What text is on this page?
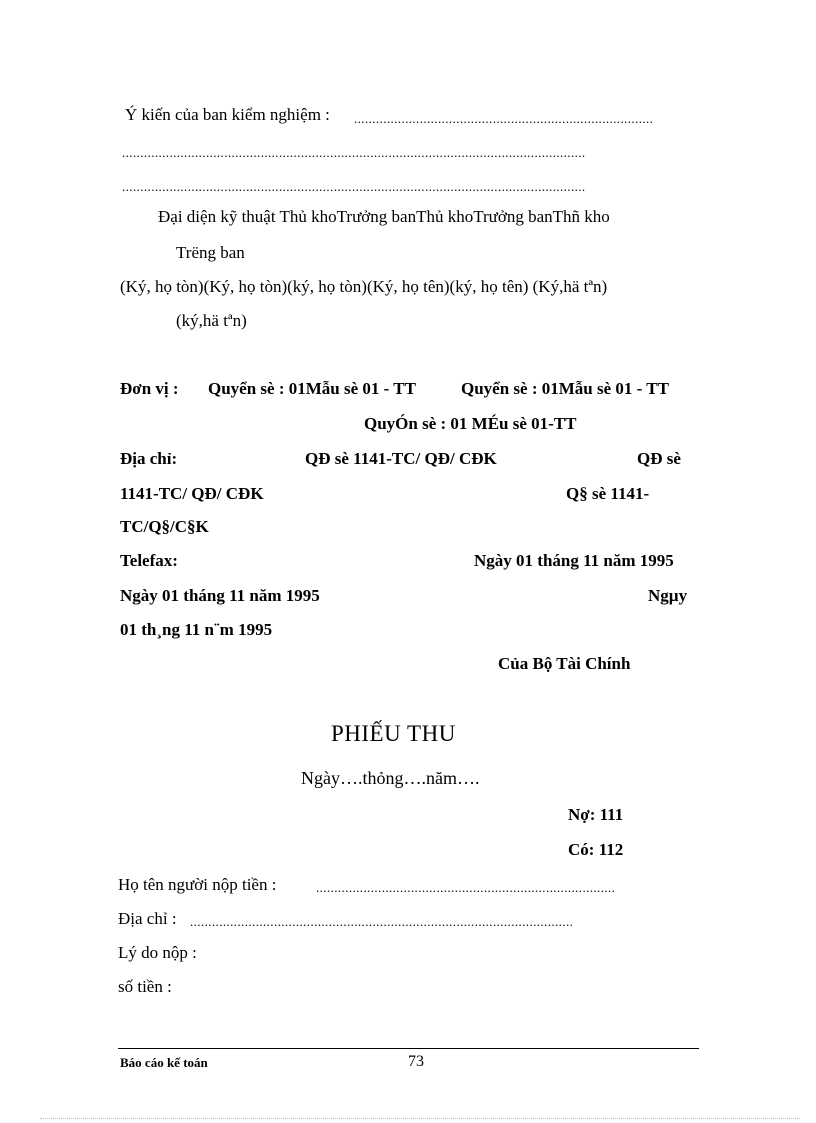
Ý kiến của ban kiểm nghiệm : ..................................................................................
...............................................................................................................................
...............................................................................................................................
Đại diện kỹ thuật Thủ khoTrưởng banThủ khoTrưởng banThñ kho
Trëng ban
(Ký, họ tòn)(Ký, họ tòn)(ký, họ tòn)(Ký, họ tên)(ký, họ tên) (Ký,hä tªn)
(ký,hä tªn)
Đơn vị : Quyển sè : 01Mẫu sè 01 - TT	Quyển sè : 01Mẫu sè 01 - TT
QuyÓn sè : 01 MÉu sè 01-TT
Địa chỉ:	QĐ sè 1141-TC/ QĐ/ CĐK	QĐ sè
1141-TC/ QĐ/ CĐK	Q§ sè 1141-
TC/Q§/C§K
Telefax:	Ngày 01 tháng 11 năm 1995
Ngày 01 tháng 11 năm 1995	Ngµy
01 th¸ng 11 n¨m 1995
Của Bộ Tài Chính
PHIẾU THU
Ngày….thỏng….năm….
Nợ: 111
Có: 112
Họ tên người nộp tiền :	..................................................................................
Địa chỉ : .........................................................................................................
Lý do nộp :
số tiền :
Báo cáo kế toán	73
